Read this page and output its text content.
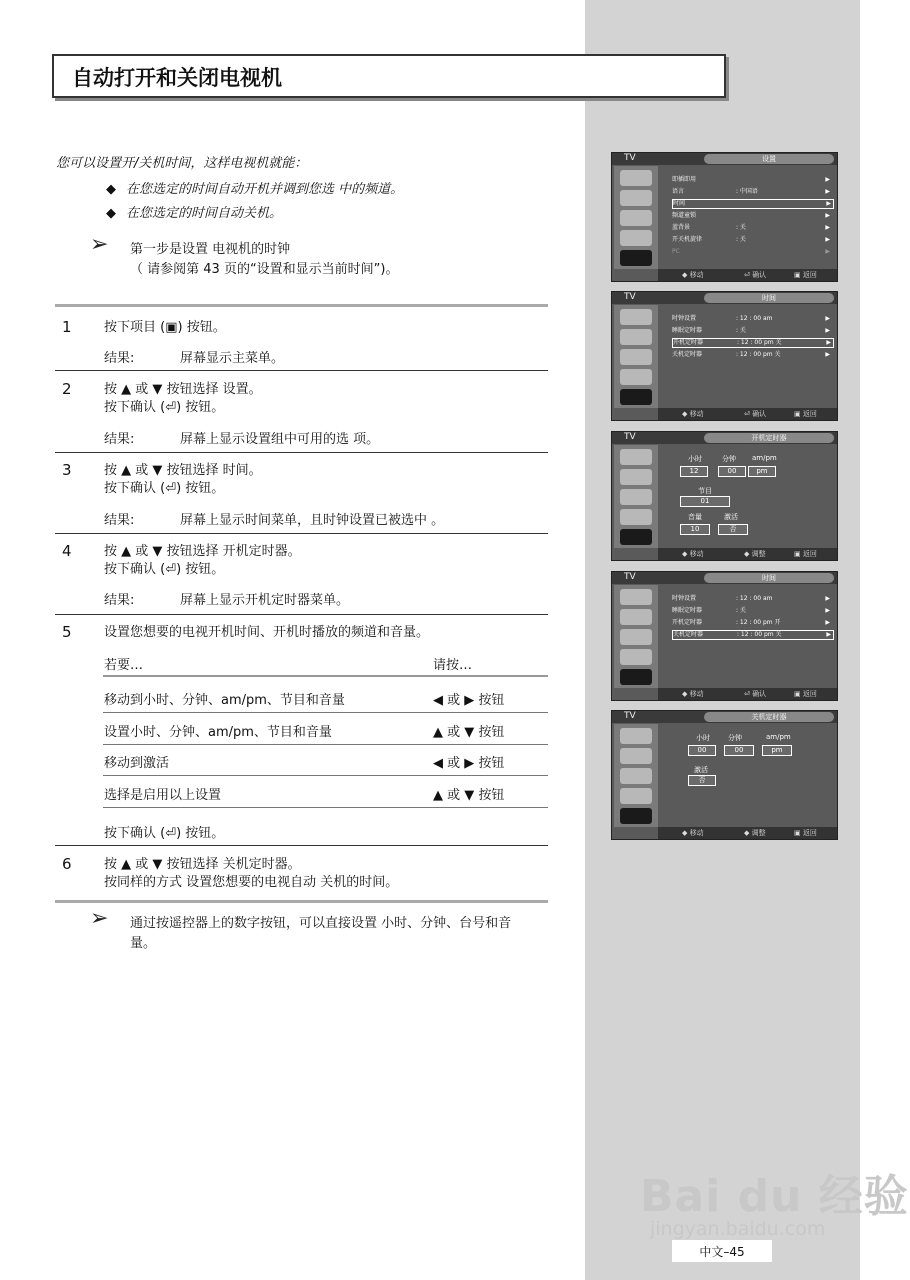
自动打开和关闭电视机
您可以设置开/关机时间，这样电视机就能：
◆ 在您选定的时间自动开机并调到您选 中的频道。
◆ 在您选定的时间自动关机。
➢ 第一步是设置 电视机的时钟
（ 请参阅第 43 页的“设置和显示当前时间”)。
1 按下项目 (▣) 按钮。
结果:	屏幕显示主菜单。
2 按 ▲ 或 ▼ 按钮选择 设置。
按下确认 (⏎) 按钮。
结果:	屏幕上显示设置组中可用的选 项。
3 按 ▲ 或 ▼ 按钮选择 时间。
按下确认 (⏎) 按钮。
结果:	屏幕上显示时间菜单，且时钟设置已被选中 。
4 按 ▲ 或 ▼ 按钮选择 开机定时器。
按下确认 (⏎) 按钮。
结果:	屏幕上显示开机定时器菜单。
5 设置您想要的电视开机时间、开机时播放的频道和音量。
若要…	请按…
移动到小时、分钟、am/pm、节目和音量	◀ 或 ▶ 按钮
设置小时、分钟、am/pm、节目和音量	▲ 或 ▼ 按钮
移动到激活	◀ 或 ▶ 按钮
选择是启用以上设置	▲ 或 ▼ 按钮
按下确认 (⏎) 按钮。
6 按 ▲ 或 ▼ 按钮选择 关机定时器。
按同样的方式 设置您想要的电视自动 关机的时间。
➢ 通过按遥控器上的数字按钮，可以直接设置 小时、分钟、台号和音
量。
TV	设置
即插即用	▶
语言	: 中国语	▶
时间	▶
频道童锁	▶
蓝背景	: 关	▶
开关机旋律	: 关	▶
PC	▶
◆ 移动	⏎ 确认	▣ 返回
TV	时间
时钟设置	: 12 : 00 am	▶
睡眠定时器	: 关	▶
开机定时器	: 12 : 00 pm 关	▶
关机定时器	: 12 : 00 pm 关	▶
◆ 移动	⏎ 确认	▣ 返回
TV	开机定时器
小时	分钟 am/pm
12	00	pm
节目
01
音量	激活
10	否
◆ 移动	◆ 调整	▣ 返回
TV	时间
时钟设置	: 12 : 00 am	▶
睡眠定时器	: 关	▶
开机定时器	: 12 : 00 pm 开	▶
关机定时器	: 12 : 00 pm 关	▶
◆ 移动	⏎ 确认	▣ 返回
TV	关机定时器
小时	分钟	am/pm
00	00	pm
激活
否
◆ 移动	◆ 调整	▣ 返回
Bai du 经验
jingyan.baidu.com
中文–45
